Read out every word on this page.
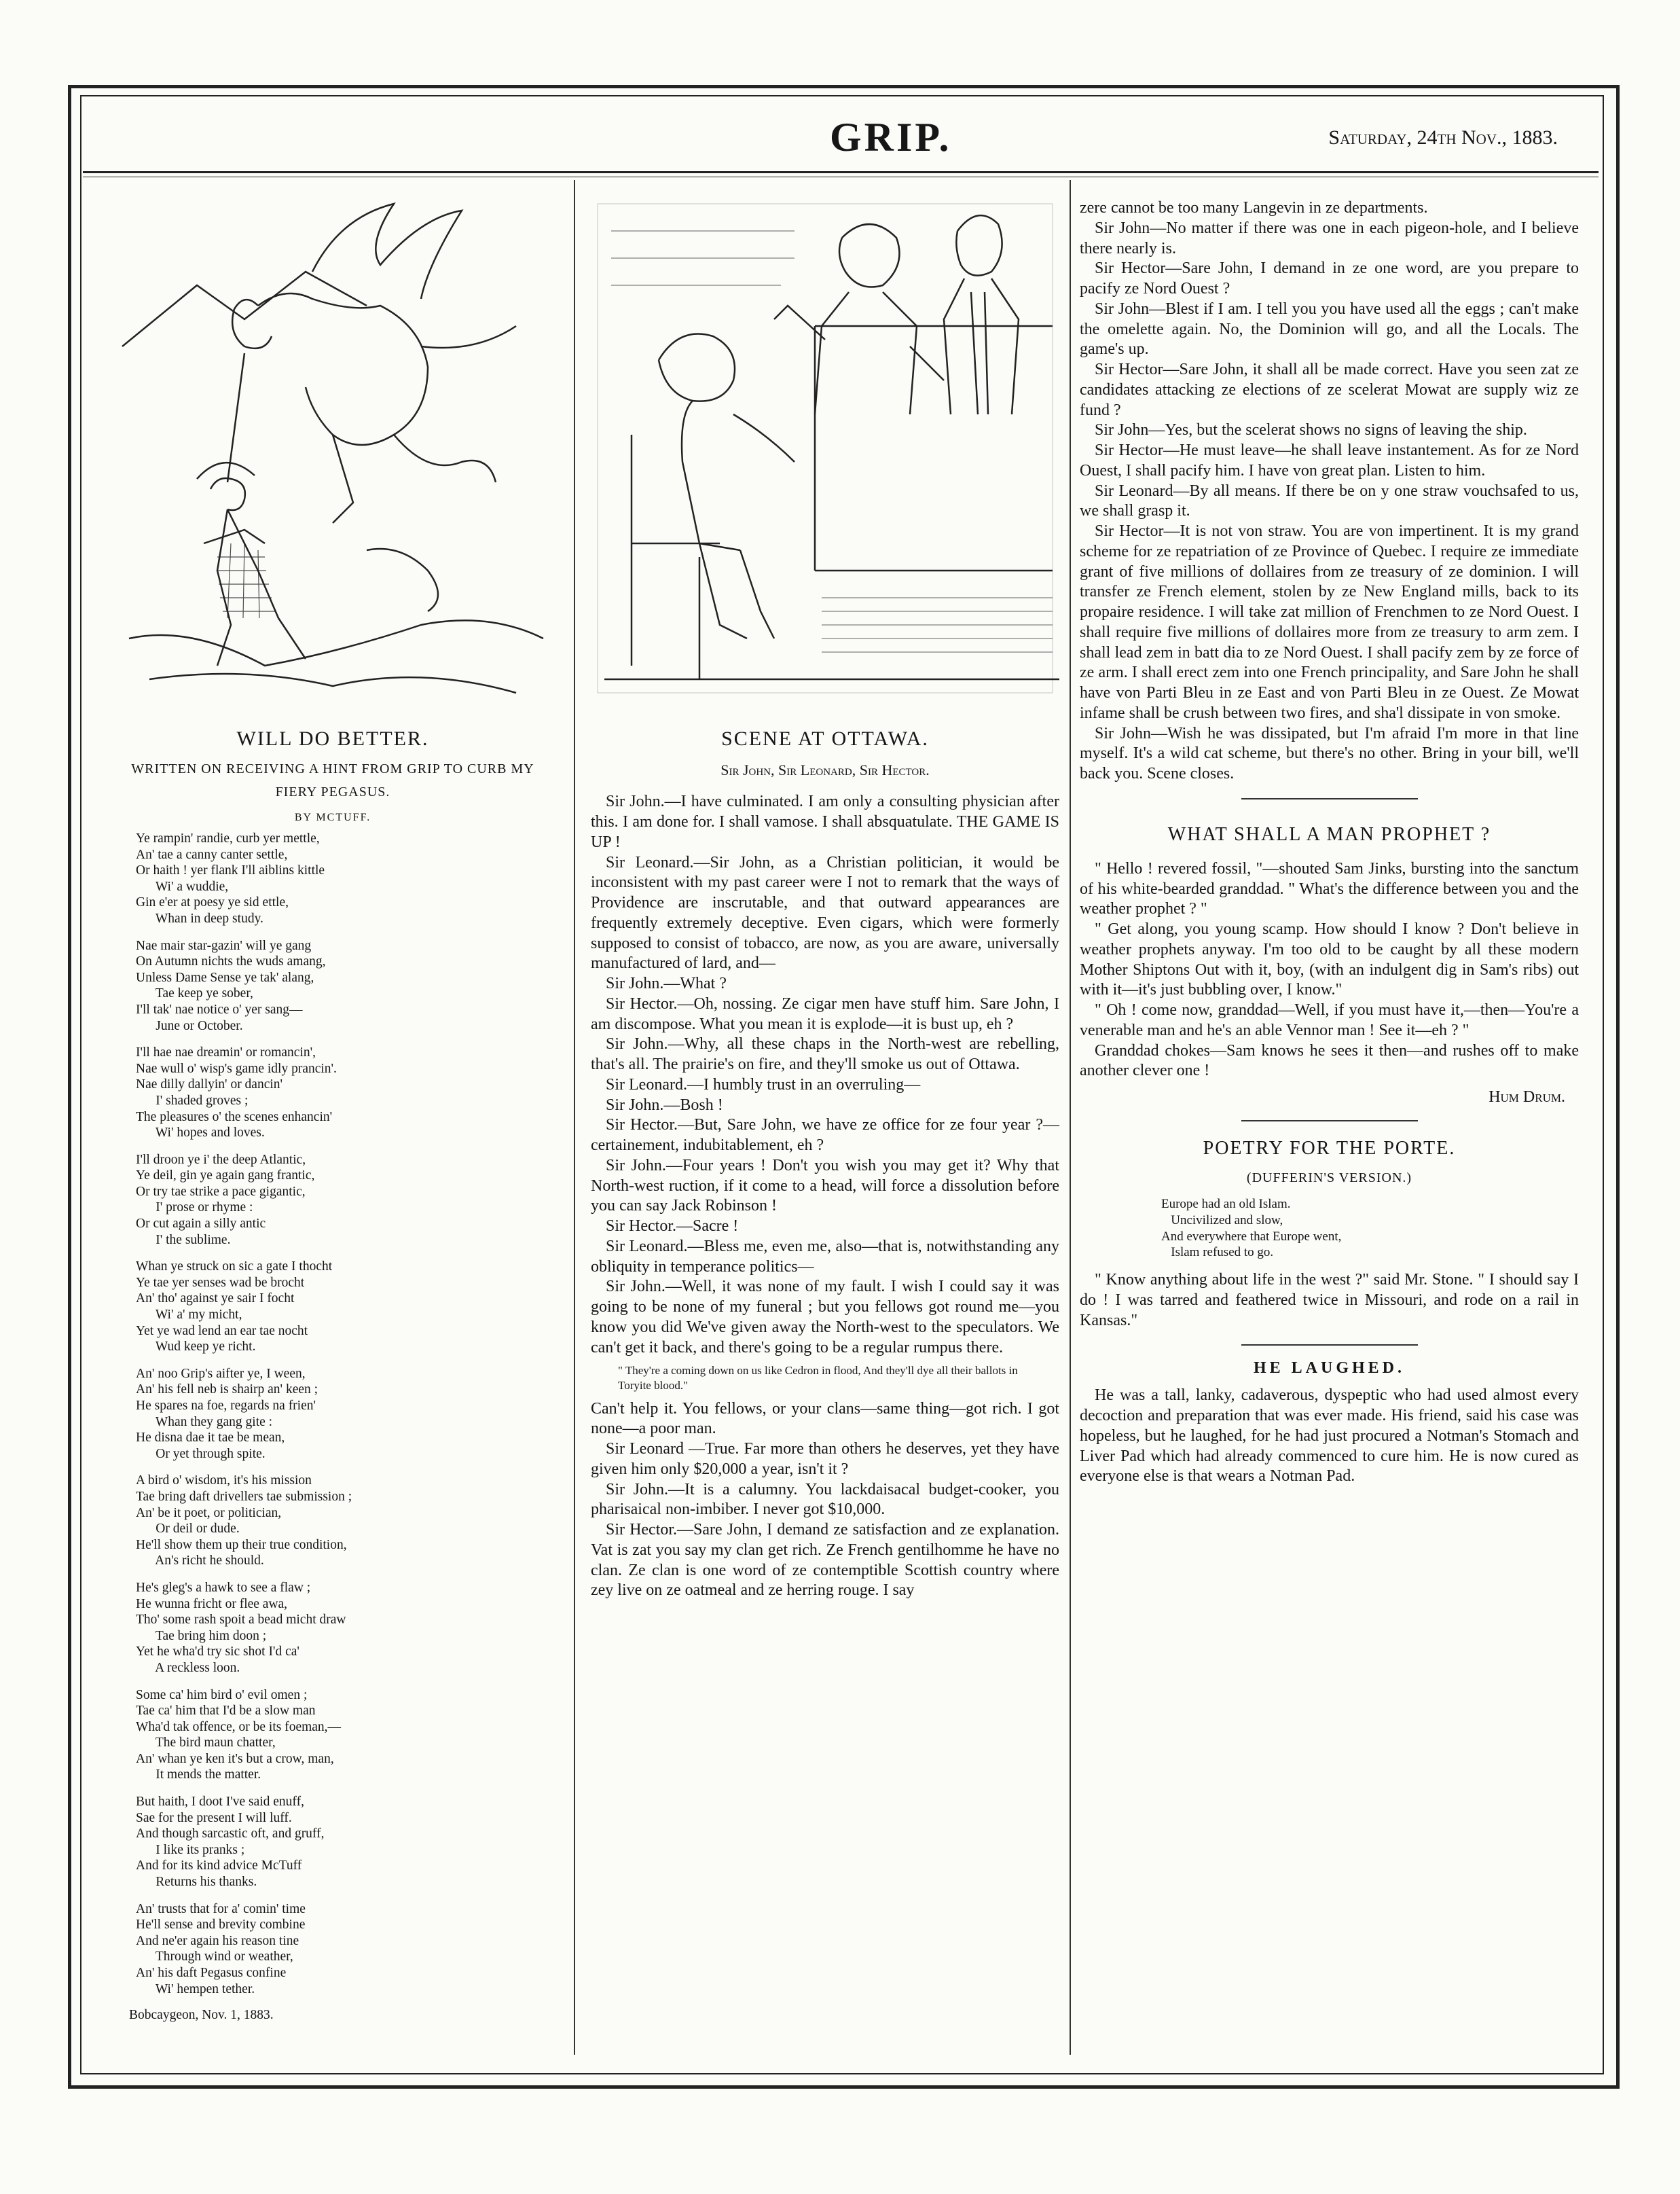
GRIP.	Saturday, 24th Nov., 1883.
WILL DO BETTER.
WRITTEN ON RECEIVING A HINT FROM GRIP TO CURB MY FIERY PEGASUS.
BY MCTUFF.
Ye rampin' randie, curb yer mettle,
An' tae a canny canter settle,
Or haith ! yer flank I'll aiblins kittle
Wi' a wuddie,
Gin e'er at poesy ye sid ettle,
Whan in deep study.
Nae mair star-gazin' will ye gang
On Autumn nichts the wuds amang,
Unless Dame Sense ye tak' alang,
Tae keep ye sober,
I'll tak' nae notice o' yer sang—
June or October.
I'll hae nae dreamin' or romancin',
Nae wull o' wisp's game idly prancin'.
Nae dilly dallyin' or dancin'
I' shaded groves ;
The pleasures o' the scenes enhancin'
Wi' hopes and loves.
I'll droon ye i' the deep Atlantic,
Ye deil, gin ye again gang frantic,
Or try tae strike a pace gigantic,
I' prose or rhyme :
Or cut again a silly antic
I' the sublime.
Whan ye struck on sic a gate I thocht
Ye tae yer senses wad be brocht
An' tho' against ye sair I focht
Wi' a' my micht,
Yet ye wad lend an ear tae nocht
Wud keep ye richt.
An' noo Grip's aifter ye, I ween,
An' his fell neb is shairp an' keen ;
He spares na foe, regards na frien'
Whan they gang gite :
He disna dae it tae be mean,
Or yet through spite.
A bird o' wisdom, it's his mission
Tae bring daft drivellers tae submission ;
An' be it poet, or politician,
Or deil or dude.
He'll show them up their true condition,
An's richt he should.
He's gleg's a hawk to see a flaw ;
He wunna fricht or flee awa,
Tho' some rash spoit a bead micht draw
Tae bring him doon ;
Yet he wha'd try sic shot I'd ca'
A reckless loon.
Some ca' him bird o' evil omen ;
Tae ca' him that I'd be a slow man
Wha'd tak offence, or be its foeman,—
The bird maun chatter,
An' whan ye ken it's but a crow, man,
It mends the matter.
But haith, I doot I've said enuff,
Sae for the present I will luff.
And though sarcastic oft, and gruff,
I like its pranks ;
And for its kind advice McTuff
Returns his thanks.
An' trusts that for a' comin' time
He'll sense and brevity combine
And ne'er again his reason tine
Through wind or weather,
An' his daft Pegasus confine
Wi' hempen tether.
Bobcaygeon, Nov. 1, 1883.
SCENE AT OTTAWA.
Sir John, Sir Leonard, Sir Hector.

Sir John.—I have culminated. I am only a consulting physician after this. I am done for. I shall vamose. I shall absquatulate. THE GAME IS UP !

Sir Leonard.—Sir John, as a Christian politician, it would be inconsistent with my past career were I not to remark that the ways of Providence are inscrutable, and that outward appearances are frequently extremely deceptive. Even cigars, which were formerly supposed to consist of tobacco, are now, as you are aware, universally manufactured of lard, and—

Sir John.—What ?

Sir Hector.—Oh, nossing. Ze cigar men have stuff him. Sare John, I am discompose. What you mean it is explode—it is bust up, eh ?

Sir John.—Why, all these chaps in the North-west are rebelling, that's all. The prairie's on fire, and they'll smoke us out of Ottawa.

Sir Leonard.—I humbly trust in an overruling—

Sir John.—Bosh !

Sir Hector.—But, Sare John, we have ze office for ze four year ?—certainement, indubitablement, eh ?

Sir John.—Four years ! Don't you wish you may get it? Why that North-west ruction, if it come to a head, will force a dissolution before you can say Jack Robinson !

Sir Hector.—Sacre !

Sir Leonard.—Bless me, even me, also—that is, notwithstanding any obliquity in temperance politics—

Sir John.—Well, it was none of my fault. I wish I could say it was going to be none of my funeral ; but you fellows got round me—you know you did We've given away the North-west to the speculators. We can't get it back, and there's going to be a regular rumpus there.

" They're a coming down on us like Cedron in flood, And they'll dye all their ballots in Toryite blood."

Can't help it. You fellows, or your clans—same thing—got rich. I got none—a poor man.

Sir Leonard —True. Far more than others he deserves, yet they have given him only $20,000 a year, isn't it ?

Sir John.—It is a calumny. You lackdaisacal budget-cooker, you pharisaical non-imbiber. I never got $10,000.

Sir Hector.—Sare John, I demand ze satisfaction and ze explanation. Vat is zat you say my clan get rich. Ze French gentilhomme he have no clan. Ze clan is one word of ze contemptible Scottish country where zey live on ze oatmeal and ze herring rouge. I say

zere cannot be too many Langevin in ze departments.

Sir John—No matter if there was one in each pigeon-hole, and I believe there nearly is.

Sir Hector—Sare John, I demand in ze one word, are you prepare to pacify ze Nord Ouest ?

Sir John—Blest if I am. I tell you you have used all the eggs ; can't make the omelette again. No, the Dominion will go, and all the Locals. The game's up.

Sir Hector—Sare John, it shall all be made correct. Have you seen zat ze candidates attacking ze elections of ze scelerat Mowat are supply wiz ze fund ?

Sir John—Yes, but the scelerat shows no signs of leaving the ship.

Sir Hector—He must leave—he shall leave instantement. As for ze Nord Ouest, I shall pacify him. I have von great plan. Listen to him.

Sir Leonard—By all means. If there be on y one straw vouchsafed to us, we shall grasp it.

Sir Hector—It is not von straw. You are von impertinent. It is my grand scheme for ze repatriation of ze Province of Quebec. I require ze immediate grant of five millions of dollaires from ze treasury of ze dominion. I will transfer ze French element, stolen by ze New England mills, back to its propaire residence. I will take zat million of Frenchmen to ze Nord Ouest. I shall require five millions of dollaires more from ze treasury to arm zem. I shall lead zem in batt dia to ze Nord Ouest. I shall pacify zem by ze force of ze arm. I shall erect zem into one French principality, and Sare John he shall have von Parti Bleu in ze East and von Parti Bleu in ze Ouest. Ze Mowat infame shall be crush between two fires, and sha'l dissipate in von smoke.

Sir John—Wish he was dissipated, but I'm afraid I'm more in that line myself. It's a wild cat scheme, but there's no other. Bring in your bill, we'll back you. Scene closes.

WHAT SHALL A MAN PROPHET ?

" Hello ! revered fossil, "—shouted Sam Jinks, bursting into the sanctum of his white-bearded granddad. " What's the difference between you and the weather prophet ? "

" Get along, you young scamp. How should I know ? Don't believe in weather prophets anyway. I'm too old to be caught by all these modern Mother Shiptons Out with it, boy, (with an indulgent dig in Sam's ribs) out with it—it's just bubbling over, I know."

" Oh ! come now, granddad—Well, if you must have it,—then—You're a venerable man and he's an able Vennor man ! See it—eh ? "

Granddad chokes—Sam knows he sees it then—and rushes off to make another clever one !

Hum Drum.
POETRY FOR THE PORTE.
(DUFFERIN'S VERSION.)
Europe had an old Islam.
Uncivilized and slow,
And everywhere that Europe went,
Islam refused to go.

" Know anything about life in the west ?" said Mr. Stone. " I should say I do ! I was tarred and feathered twice in Missouri, and rode on a rail in Kansas."

HE LAUGHED.

He was a tall, lanky, cadaverous, dyspeptic who had used almost every decoction and preparation that was ever made. His friend, said his case was hopeless, but he laughed, for he had just procured a Notman's Stomach and Liver Pad which had already commenced to cure him. He is now cured as everyone else is that wears a Notman Pad.
